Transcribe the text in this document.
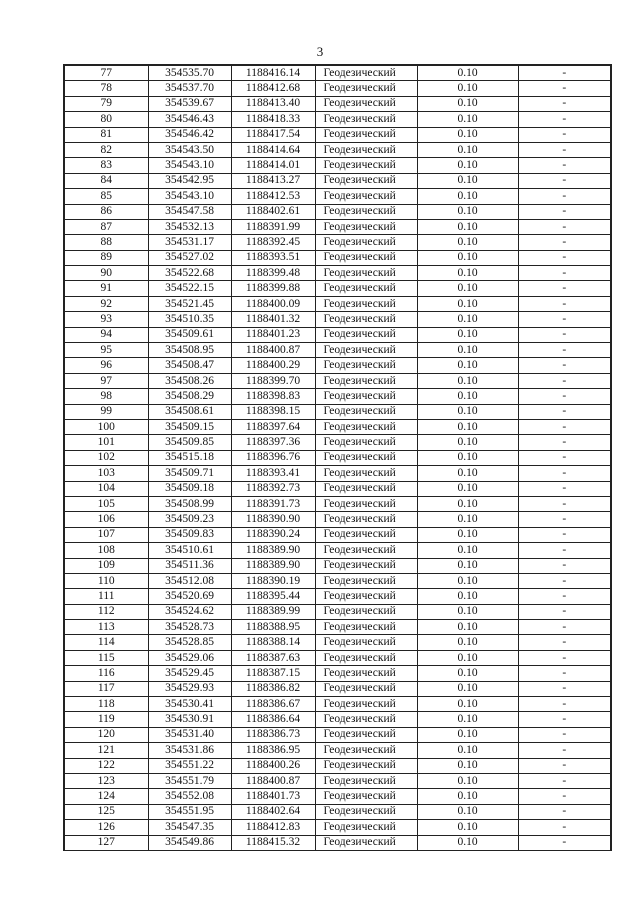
3
77	354535.70	1188416.14	Геодезический	0.10	-
78	354537.70	1188412.68	Геодезический	0.10	-
79	354539.67	1188413.40	Геодезический	0.10	-
80	354546.43	1188418.33	Геодезический	0.10	-
81	354546.42	1188417.54	Геодезический	0.10	-
82	354543.50	1188414.64	Геодезический	0.10	-
83	354543.10	1188414.01	Геодезический	0.10	-
84	354542.95	1188413.27	Геодезический	0.10	-
85	354543.10	1188412.53	Геодезический	0.10	-
86	354547.58	1188402.61	Геодезический	0.10	-
87	354532.13	1188391.99	Геодезический	0.10	-
88	354531.17	1188392.45	Геодезический	0.10	-
89	354527.02	1188393.51	Геодезический	0.10	-
90	354522.68	1188399.48	Геодезический	0.10	-
91	354522.15	1188399.88	Геодезический	0.10	-
92	354521.45	1188400.09	Геодезический	0.10	-
93	354510.35	1188401.32	Геодезический	0.10	-
94	354509.61	1188401.23	Геодезический	0.10	-
95	354508.95	1188400.87	Геодезический	0.10	-
96	354508.47	1188400.29	Геодезический	0.10	-
97	354508.26	1188399.70	Геодезический	0.10	-
98	354508.29	1188398.83	Геодезический	0.10	-
99	354508.61	1188398.15	Геодезический	0.10	-
100	354509.15	1188397.64	Геодезический	0.10	-
101	354509.85	1188397.36	Геодезический	0.10	-
102	354515.18	1188396.76	Геодезический	0.10	-
103	354509.71	1188393.41	Геодезический	0.10	-
104	354509.18	1188392.73	Геодезический	0.10	-
105	354508.99	1188391.73	Геодезический	0.10	-
106	354509.23	1188390.90	Геодезический	0.10	-
107	354509.83	1188390.24	Геодезический	0.10	-
108	354510.61	1188389.90	Геодезический	0.10	-
109	354511.36	1188389.90	Геодезический	0.10	-
110	354512.08	1188390.19	Геодезический	0.10	-
111	354520.69	1188395.44	Геодезический	0.10	-
112	354524.62	1188389.99	Геодезический	0.10	-
113	354528.73	1188388.95	Геодезический	0.10	-
114	354528.85	1188388.14	Геодезический	0.10	-
115	354529.06	1188387.63	Геодезический	0.10	-
116	354529.45	1188387.15	Геодезический	0.10	-
117	354529.93	1188386.82	Геодезический	0.10	-
118	354530.41	1188386.67	Геодезический	0.10	-
119	354530.91	1188386.64	Геодезический	0.10	-
120	354531.40	1188386.73	Геодезический	0.10	-
121	354531.86	1188386.95	Геодезический	0.10	-
122	354551.22	1188400.26	Геодезический	0.10	-
123	354551.79	1188400.87	Геодезический	0.10	-
124	354552.08	1188401.73	Геодезический	0.10	-
125	354551.95	1188402.64	Геодезический	0.10	-
126	354547.35	1188412.83	Геодезический	0.10	-
127	354549.86	1188415.32	Геодезический	0.10	-
